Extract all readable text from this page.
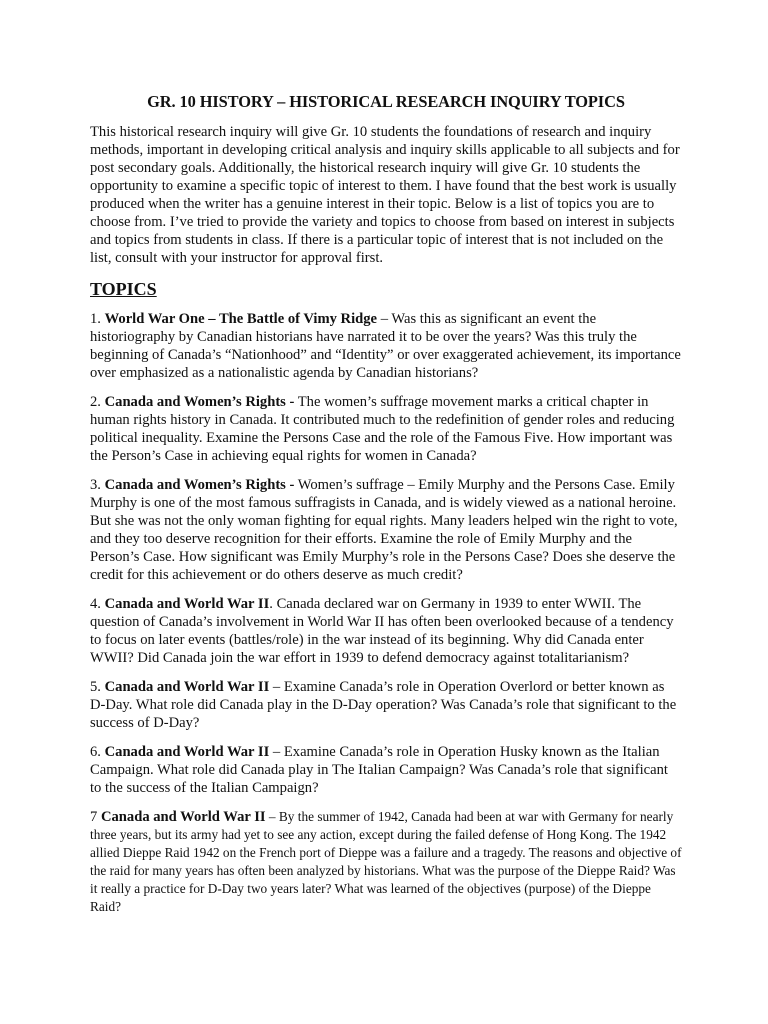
GR. 10 HISTORY – HISTORICAL RESEARCH INQUIRY TOPICS

This historical research inquiry will give Gr. 10 students the foundations of research and inquiry methods, important in developing critical analysis and inquiry skills applicable to all subjects and for post secondary goals. Additionally, the historical research inquiry will give Gr. 10 students the opportunity to examine a specific topic of interest to them. I have found that the best work is usually produced when the writer has a genuine interest in their topic. Below is a list of topics you are to choose from. I’ve tried to provide the variety and topics to choose from based on interest in subjects and topics from students in class. If there is a particular topic of interest that is not included on the list, consult with your instructor for approval first.

TOPICS

1. World War One – The Battle of Vimy Ridge – Was this as significant an event the historiography by Canadian historians have narrated it to be over the years? Was this truly the beginning of Canada’s “Nationhood” and “Identity” or over exaggerated achievement, its importance over emphasized as a nationalistic agenda by Canadian historians?

2. Canada and Women’s Rights - The women’s suffrage movement marks a critical chapter in human rights history in Canada. It contributed much to the redefinition of gender roles and reducing political inequality. Examine the Persons Case and the role of the Famous Five. How important was the Person’s Case in achieving equal rights for women in Canada?

3. Canada and Women’s Rights - Women’s suffrage – Emily Murphy and the Persons Case. Emily Murphy is one of the most famous suffragists in Canada, and is widely viewed as a national heroine. But she was not the only woman fighting for equal rights. Many leaders helped win the right to vote, and they too deserve recognition for their efforts. Examine the role of Emily Murphy and the Person’s Case. How significant was Emily Murphy’s role in the Persons Case? Does she deserve the credit for this achievement or do others deserve as much credit?

4. Canada and World War II. Canada declared war on Germany in 1939 to enter WWII. The question of Canada’s involvement in World War II has often been overlooked because of a tendency to focus on later events (battles/role) in the war instead of its beginning. Why did Canada enter WWII? Did Canada join the war effort in 1939 to defend democracy against totalitarianism?

5. Canada and World War II – Examine Canada’s role in Operation Overlord or better known as D-Day. What role did Canada play in the D-Day operation? Was Canada’s role that significant to the success of D-Day?

6. Canada and World War II – Examine Canada’s role in Operation Husky known as the Italian Campaign. What role did Canada play in The Italian Campaign? Was Canada’s role that significant to the success of the Italian Campaign?

7 Canada and World War II – By the summer of 1942, Canada had been at war with Germany for nearly three years, but its army had yet to see any action, except during the failed defense of Hong Kong. The 1942 allied Dieppe Raid 1942 on the French port of Dieppe was a failure and a tragedy. The reasons and objective of the raid for many years has often been analyzed by historians. What was the purpose of the Dieppe Raid? Was it really a practice for D-Day two years later? What was learned of the objectives (purpose) of the Dieppe Raid?
